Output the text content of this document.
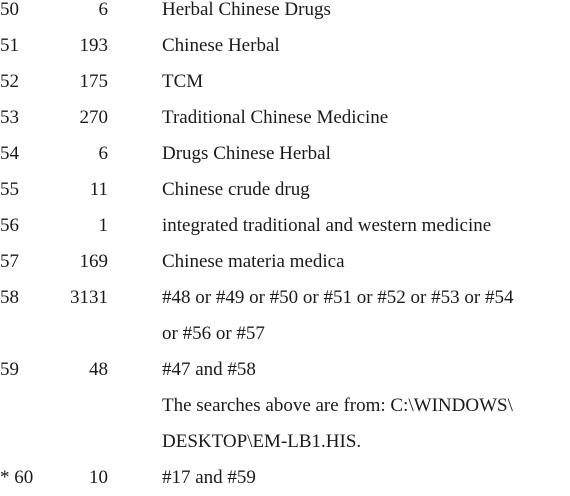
50	6	Herbal Chinese Drugs
51	193	Chinese Herbal
52	175	TCM
53	270	Traditional Chinese Medicine
54	6	Drugs Chinese Herbal
55	11	Chinese crude drug
56	1	integrated traditional and western medicine
57	169	Chinese materia medica
58	3131	#48 or #49 or #50 or #51 or #52 or #53 or #54
or #56 or #57
59	48	#47 and #58
The searches above are from: C:\WINDOWS\
DESKTOP\EM-LB1.HIS.
* 60	10	#17 and #59
